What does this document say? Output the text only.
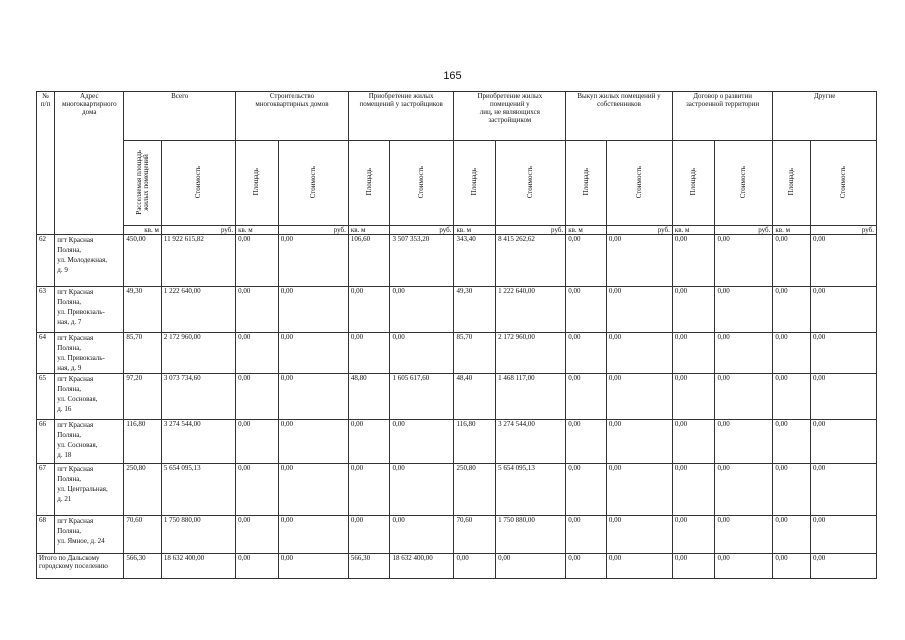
165
№
п/п	Адрес
многоквартирного
дома	Всего		Строительство
многоквартирных домов		Приобретение жилых
помещений у застройщиков		Приобретение жилых
помещений у
лиц, не являющихся
застройщиком		Выкуп жилых помещений у
собственников		Договор о развитии
застроенной территории		Другие	
		Расселяемая площадь
жилых помещений	Стоимость	Площадь	Стоимость	Площадь	Стоимость	Площадь	Стоимость	Площадь	Стоимость	Площадь	Стоимость	Площадь	Стоимость
		кв. м	руб.	кв. м	руб.	кв. м	руб.	кв. м	руб.	кв. м	руб.	кв. м	руб.	кв. м	руб.
62	пгт Красная
Поляна,
ул. Молодежная,
д. 9	450,00	11 922 615,82	0,00	0,00	106,60	3 507 353,20	343,40	8 415 262,62	0,00	0,00	0,00	0,00	0,00	0,00
63	пгт Красная
Поляна,
ул. Привокзаль-
ная, д. 7	49,30	1 222 640,00	0,00	0,00	0,00	0,00	49,30	1 222 640,00	0,00	0,00	0,00	0,00	0,00	0,00
64	пгт Красная
Поляна,
ул. Привокзаль-
ная, д. 9	85,70	2 172 960,00	0,00	0,00	0,00	0,00	85,70	2 172 960,00	0,00	0,00	0,00	0,00	0,00	0,00
65	пгт Красная
Поляна,
ул. Сосновая,
д. 16	97,20	3 073 734,60	0,00	0,00	48,80	1 605 617,60	48,40	1 468 117,00	0,00	0,00	0,00	0,00	0,00	0,00
66	пгт Красная
Поляна,
ул. Сосновая,
д. 18	116,80	3 274 544,00	0,00	0,00	0,00	0,00	116,80	3 274 544,00	0,00	0,00	0,00	0,00	0,00	0,00
67	пгт Красная
Поляна,
ул. Центральная,
д. 21	250,80	5 654 095,13	0,00	0,00	0,00	0,00	250,80	5 654 095,13	0,00	0,00	0,00	0,00	0,00	0,00
68	пгт Красная
Поляна,
ул. Ямное, д. 24	70,60	1 750 880,00	0,00	0,00	0,00	0,00	70,60	1 750 880,00	0,00	0,00	0,00	0,00	0,00	0,00
Итого по Дальскому
городскому поселению		566,30	18 632 400,00	0,00	0,00	566,30	18 632 400,00	0,00	0,00	0,00	0,00	0,00	0,00	0,00	0,00
